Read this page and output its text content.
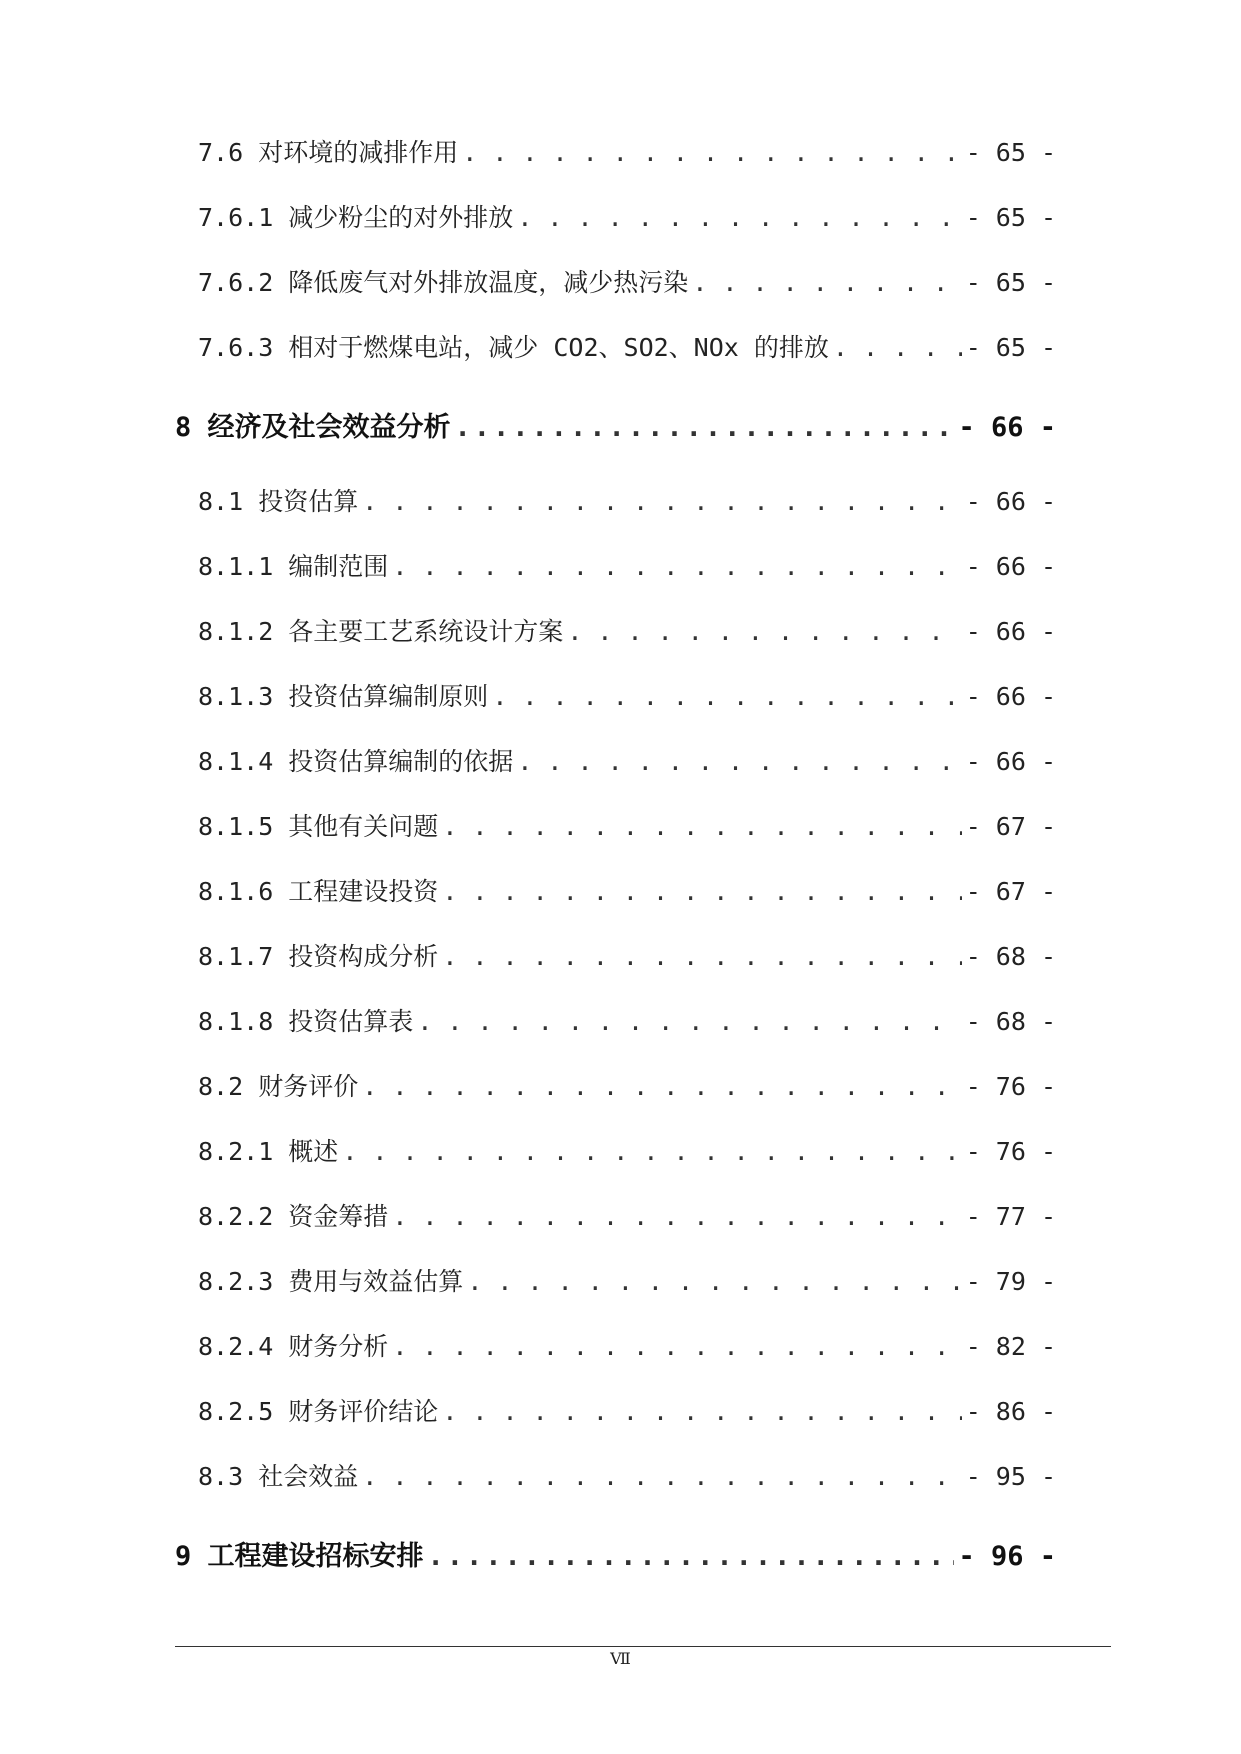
7.6 对环境的减排作用 . . .	- 65 -
7.6.1 减少粉尘的对外排放 . . .	- 65 -
7.6.2 降低废气对外排放温度，减少热污染 . . .	- 65 -
7.6.3 相对于燃煤电站，减少 CO2、SO2、NOx 的排放 . . .	- 65 -
8 经济及社会效益分析 .....	- 66 -
8.1 投资估算 . . .	- 66 -
8.1.1 编制范围 . . .	- 66 -
8.1.2 各主要工艺系统设计方案 . . .	- 66 -
8.1.3 投资估算编制原则 . . .	- 66 -
8.1.4 投资估算编制的依据 . . .	- 66 -
8.1.5 其他有关问题 . . .	- 67 -
8.1.6 工程建设投资 . . .	- 67 -
8.1.7 投资构成分析 . . .	- 68 -
8.1.8 投资估算表 . . .	- 68 -
8.2 财务评价 . . .	- 76 -
8.2.1 概述 . . .	- 76 -
8.2.2 资金筹措 . . .	- 77 -
8.2.3 费用与效益估算 . . .	- 79 -
8.2.4 财务分析 . . .	- 82 -
8.2.5 财务评价结论 . . .	- 86 -
8.3 社会效益 . . .	- 95 -
9 工程建设招标安排 .....	- 96 -
Ⅶ
